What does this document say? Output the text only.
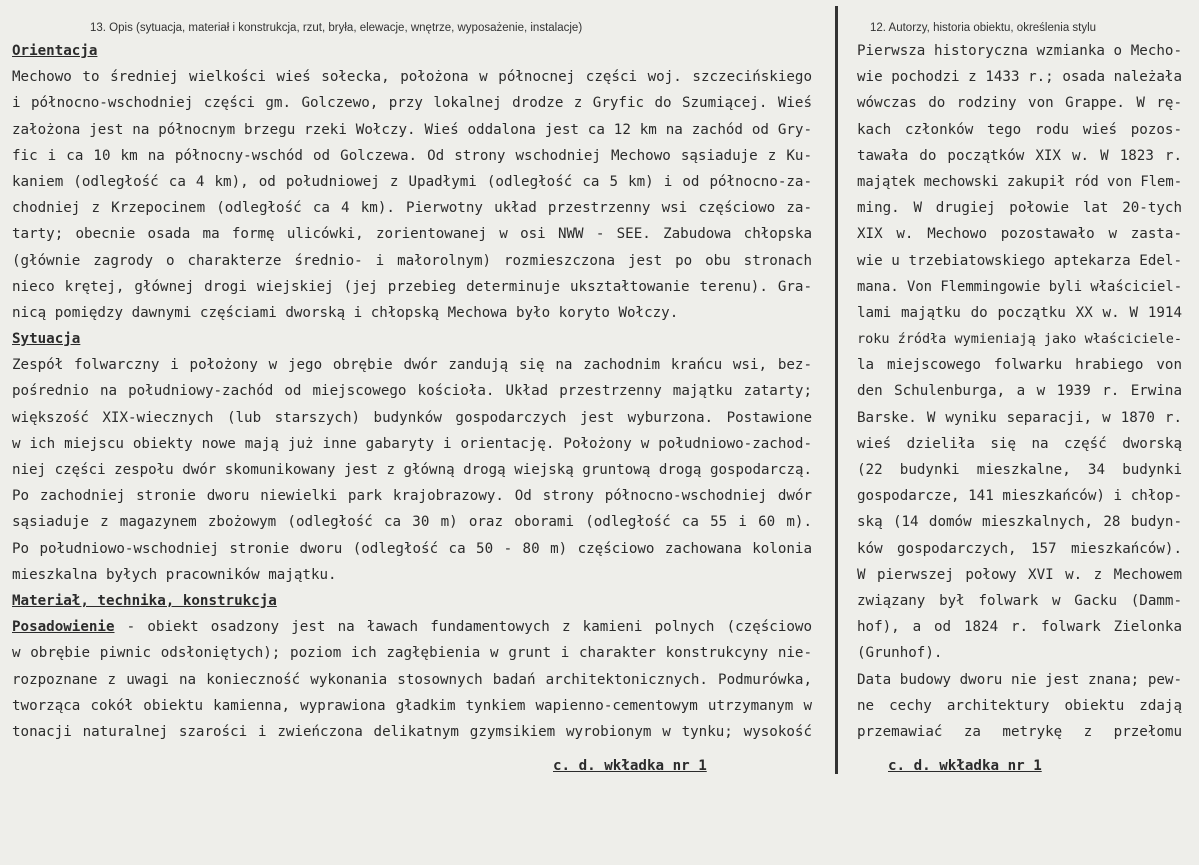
13. Opis (sytuacja, materiał i konstrukcja, rzut, bryła, elewacje, wnętrze, wyposażenie, instalacje)
Orientacja
Mechowo to średniej wielkości wieś sołecka, położona w północnej części woj. szczecińskiego
i północno-wschodniej części gm. Golczewo, przy lokalnej drodze z Gryfic do Szumiącej. Wieś
założona jest na północnym brzegu rzeki Wołczy. Wieś oddalona jest ca 12 km na zachód od Gry-
fic i ca 10 km na północny-wschód od Golczewa. Od strony wschodniej Mechowo sąsiaduje z Ku-
kaniem (odległość ca 4 km), od południowej z Upadłymi (odległość ca 5 km) i od północno-za-
chodniej z Krzepocinem (odległość ca 4 km). Pierwotny układ przestrzenny wsi częściowo za-
tarty; obecnie osada ma formę ulicówki, zorientowanej w osi NWW - SEE. Zabudowa chłopska
(głównie zagrody o charakterze średnio- i małorolnym) rozmieszczona jest po obu stronach
nieco krętej, głównej drogi wiejskiej (jej przebieg determinuje ukształtowanie terenu). Gra-
nicą pomiędzy dawnymi częściami dworską i chłopską Mechowa było koryto Wołczy.
Sytuacja
Zespół folwarczny i położony w jego obrębie dwór zandują się na zachodnim krańcu wsi, bez-
pośrednio na południowy-zachód od miejscowego kościoła. Układ przestrzenny majątku zatarty;
większość XIX-wiecznych (lub starszych) budynków gospodarczych jest wyburzona. Postawione
w ich miejscu obiekty nowe mają już inne gabaryty i orientację. Położony w południowo-zachod-
niej części zespołu dwór skomunikowany jest z główną drogą wiejską gruntową drogą gospodarczą.
Po zachodniej stronie dworu niewielki park krajobrazowy. Od strony północno-wschodniej dwór
sąsiaduje z magazynem zbożowym (odległość ca 30 m) oraz oborami (odległość ca 55 i 60 m).
Po południowo-wschodniej stronie dworu (odległość ca 50 - 80 m) częściowo zachowana kolonia
mieszkalna byłych pracowników majątku.
Materiał, technika, konstrukcja
Posadowienie - obiekt osadzony jest na ławach fundamentowych z kamieni polnych (częściowo
w obrębie piwnic odsłoniętych); poziom ich zagłębienia w grunt i charakter konstrukcyny nie-
rozpoznane z uwagi na konieczność wykonania stosownych badań architektonicznych. Podmurówka,
tworząca cokół obiektu kamienna, wyprawiona gładkim tynkiem wapienno-cementowym utrzymanym w
tonacji naturalnej szarości i zwieńczona delikatnym gzymsikiem wyrobionym w tynku; wysokość
12. Autorzy, historia obiektu, określenia stylu
Pierwsza historyczna wzmianka o Mecho-
wie pochodzi z 1433 r.; osada należała
wówczas do rodziny von Grappe. W rę-
kach członków tego rodu wieś pozos-
tawała do początków XIX w. W 1823 r.
majątek mechowski zakupił ród von Flem-
ming. W drugiej połowie lat 20-tych
XIX w. Mechowo pozostawało w zasta-
wie u trzebiatowskiego aptekarza Edel-
mana. Von Flemmingowie byli właściciel-
lami majątku do początku XX w. W 1914
roku źródła wymieniają jako właściciele-
la miejscowego folwarku hrabiego von
den Schulenburga, a w 1939 r. Erwina
Barske. W wyniku separacji, w 1870 r.
wieś dzieliła się na część dworską
(22 budynki mieszkalne, 34 budynki
gospodarcze, 141 mieszkańców) i chłop-
ską (14 domów mieszkalnych, 28 budyn-
ków gospodarczych, 157 mieszkańców).
W pierwszej połowy XVI w. z Mechowem
związany był folwark w Gacku (Damm-
hof), a od 1824 r. folwark Zielonka
(Grunhof).
Data budowy dworu nie jest znana; pew-
ne cechy architektury obiektu zdają
przemawiać za metrykę z przełomu
c. d. wkładka nr 1	c. d. wkładka nr 1
